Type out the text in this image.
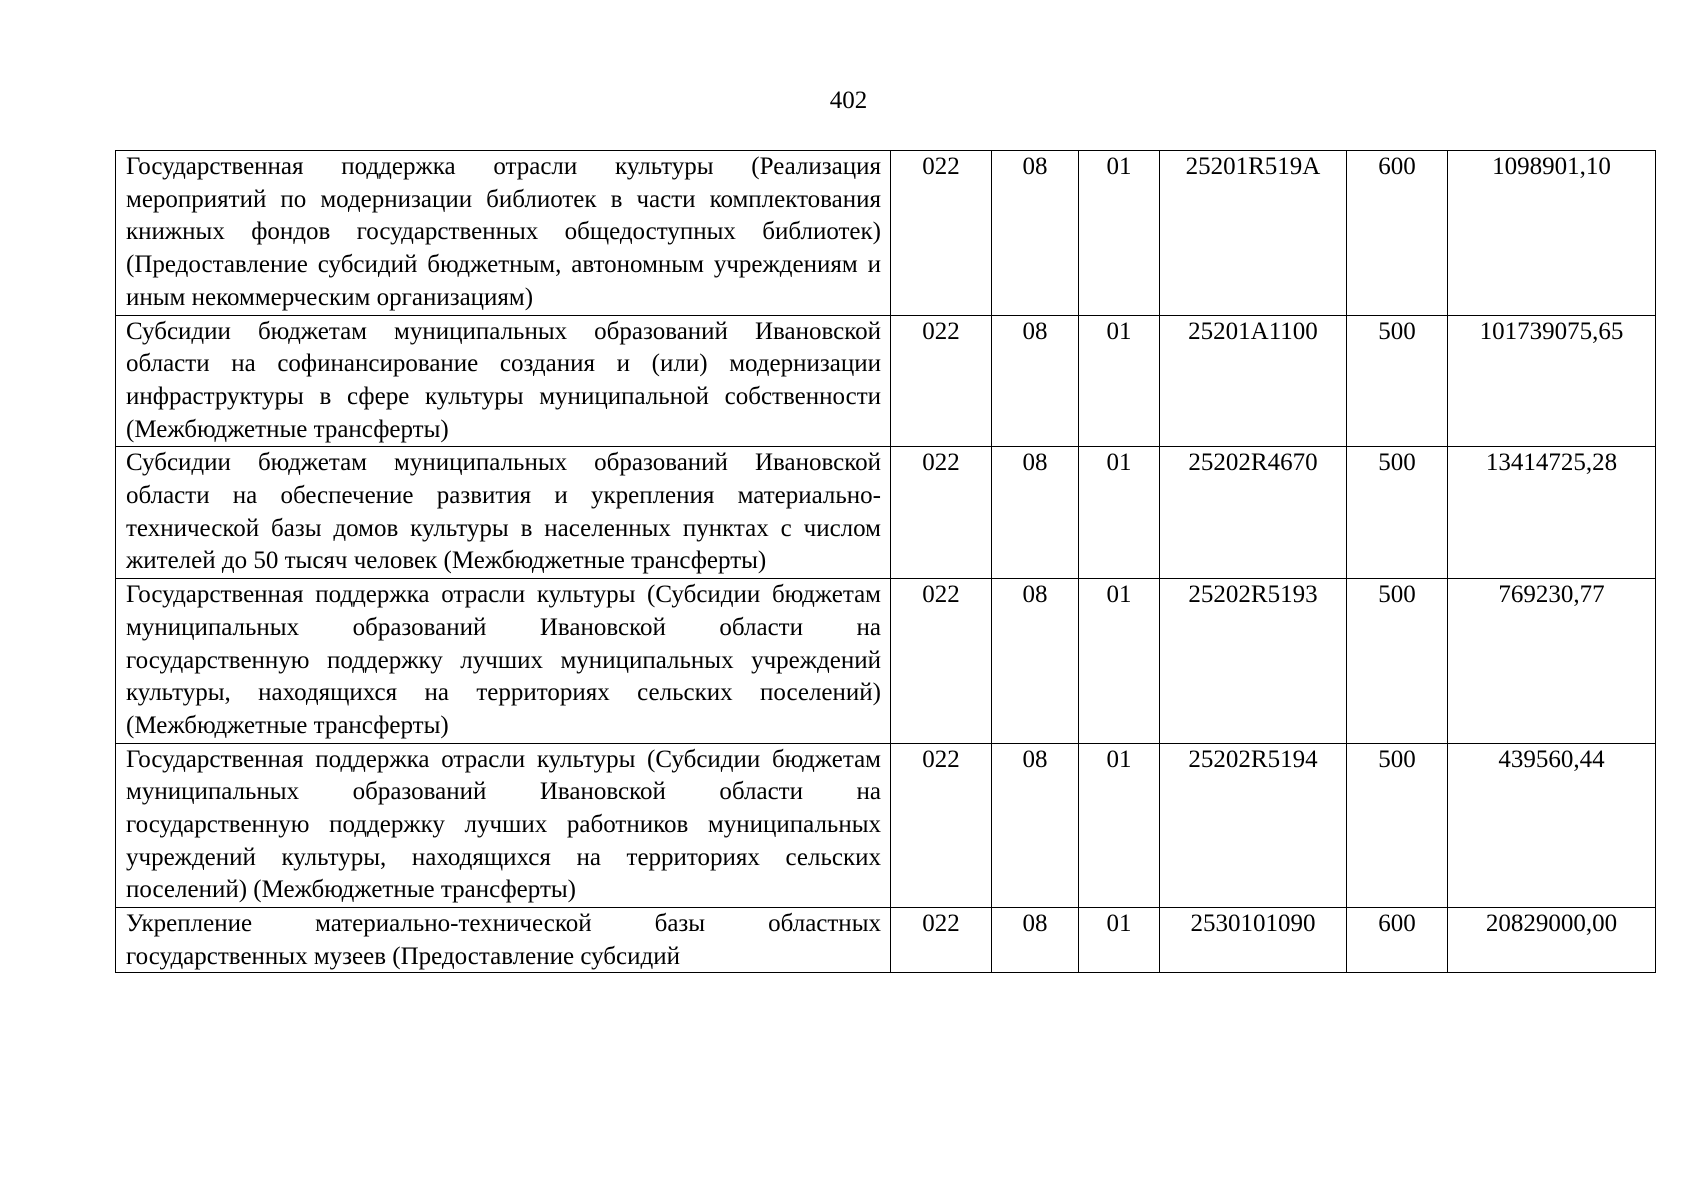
402
Государственная поддержка отрасли культуры (Реализация мероприятий по модернизации библиотек в части комплектования книжных фондов государственных общедоступных библиотек) (Предоставление субсидий бюджетным, автономным учреждениям и иным некоммерческим организациям)	022	08	01	25201R519A	600	1098901,10
Субсидии бюджетам муниципальных образований Ивановской области на софинансирование создания и (или) модернизации инфраструктуры в сфере культуры муниципальной собственности (Межбюджетные трансферты)	022	08	01	25201A1100	500	101739075,65
Субсидии бюджетам муниципальных образований Ивановской области на обеспечение развития и укрепления материально-технической базы домов культуры в населенных пунктах с числом жителей до 50 тысяч человек (Межбюджетные трансферты)	022	08	01	25202R4670	500	13414725,28
Государственная поддержка отрасли культуры (Субсидии бюджетам муниципальных образований Ивановской области на государственную поддержку лучших муниципальных учреждений культуры, находящихся на территориях сельских поселений) (Межбюджетные трансферты)	022	08	01	25202R5193	500	769230,77
Государственная поддержка отрасли культуры (Субсидии бюджетам муниципальных образований Ивановской области на государственную поддержку лучших работников муниципальных учреждений культуры, находящихся на территориях сельских поселений) (Межбюджетные трансферты)	022	08	01	25202R5194	500	439560,44

Укрепление материально-технической базы областных государственных музеев (Предоставление субсидий	022	08	01	2530101090	600	20829000,00
